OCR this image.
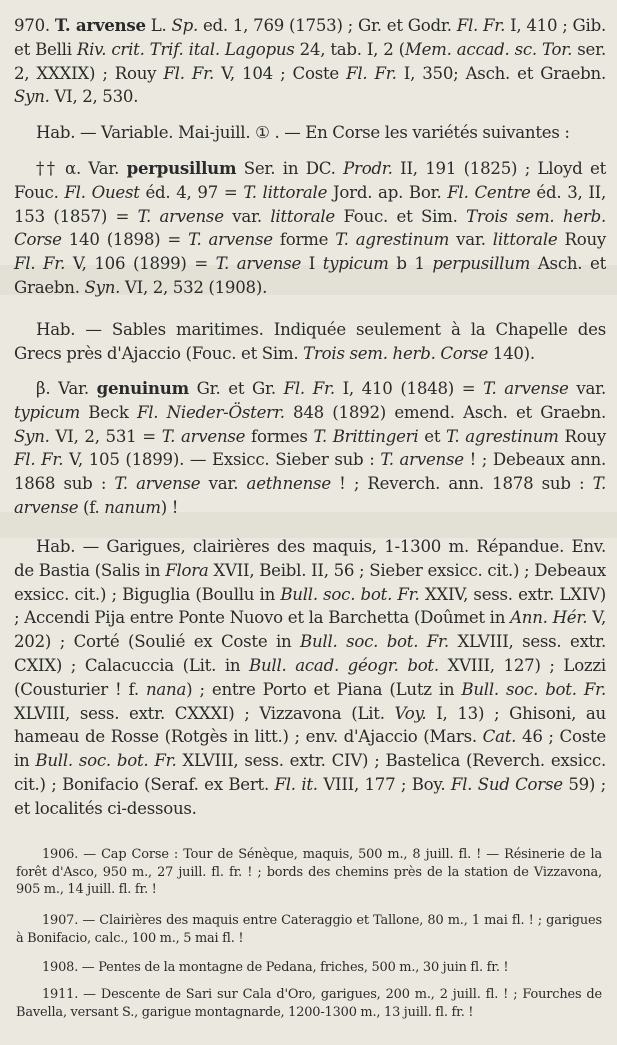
970. T. arvense L. Sp. ed. 1, 769 (1753) ; Gr. et Godr. Fl. Fr. I, 410 ; Gib. et Belli Riv. crit. Trif. ital. Lagopus 24, tab. I, 2 (Mem. accad. sc. Tor. ser. 2, XXXIX) ; Rouy Fl. Fr. V, 104 ; Coste Fl. Fr. I, 350; Asch. et Graebn. Syn. VI, 2, 530.

Hab. — Variable. Mai-juill. ① . — En Corse les variétés suivantes :

†† α. Var. perpusillum Ser. in DC. Prodr. II, 191 (1825) ; Lloyd et Fouc. Fl. Ouest éd. 4, 97 = T. littorale Jord. ap. Bor. Fl. Centre éd. 3, II, 153 (1857) = T. arvense var. littorale Fouc. et Sim. Trois sem. herb. Corse 140 (1898) = T. arvense forme T. agrestinum var. littorale Rouy Fl. Fr. V, 106 (1899) = T. arvense I typicum b 1 perpusillum Asch. et Graebn. Syn. VI, 2, 532 (1908).

Hab. — Sables maritimes. Indiquée seulement à la Chapelle des Grecs près d'Ajaccio (Fouc. et Sim. Trois sem. herb. Corse 140).

β. Var. genuinum Gr. et Gr. Fl. Fr. I, 410 (1848) = T. arvense var. typicum Beck Fl. Nieder-Österr. 848 (1892) emend. Asch. et Graebn. Syn. VI, 2, 531 = T. arvense formes T. Brittingeri et T. agrestinum Rouy Fl. Fr. V, 105 (1899). — Exsicc. Sieber sub : T. arvense ! ; Debeaux ann. 1868 sub : T. arvense var. aethnense ! ; Reverch. ann. 1878 sub : T. arvense (f. nanum) !

Hab. — Garigues, clairières des maquis, 1-1300 m. Répandue. Env. de Bastia (Salis in Flora XVII, Beibl. II, 56 ; Sieber exsicc. cit.) ; Debeaux exsicc. cit.) ; Biguglia (Boullu in Bull. soc. bot. Fr. XXIV, sess. extr. LXIV) ; Accendi Pija entre Ponte Nuovo et la Barchetta (Doûmet in Ann. Hér. V, 202) ; Corté (Soulié ex Coste in Bull. soc. bot. Fr. XLVIII, sess. extr. CXIX) ; Calacuccia (Lit. in Bull. acad. géogr. bot. XVIII, 127) ; Lozzi (Cousturier ! f. nana) ; entre Porto et Piana (Lutz in Bull. soc. bot. Fr. XLVIII, sess. extr. CXXXI) ; Vizzavona (Lit. Voy. I, 13) ; Ghisoni, au hameau de Rosse (Rotgès in litt.) ; env. d'Ajaccio (Mars. Cat. 46 ; Coste in Bull. soc. bot. Fr. XLVIII, sess. extr. CIV) ; Bastelica (Reverch. exsicc. cit.) ; Bonifacio (Seraf. ex Bert. Fl. it. VIII, 177 ; Boy. Fl. Sud Corse 59) ; et localités ci-dessous.

1906. — Cap Corse : Tour de Sénèque, maquis, 500 m., 8 juill. fl. ! — Résinerie de la forêt d'Asco, 950 m., 27 juill. fl. fr. ! ; bords des chemins près de la station de Vizzavona, 905 m., 14 juill. fl. fr. !

1907. — Clairières des maquis entre Cateraggio et Tallone, 80 m., 1 mai fl. ! ; garigues à Bonifacio, calc., 100 m., 5 mai fl. !

1908. — Pentes de la montagne de Pedana, friches, 500 m., 30 juin fl. fr. !

1911. — Descente de Sari sur Cala d'Oro, garigues, 200 m., 2 juill. fl. ! ; Fourches de Bavella, versant S., garigue montagnarde, 1200-1300 m., 13 juill. fl. fr. !
